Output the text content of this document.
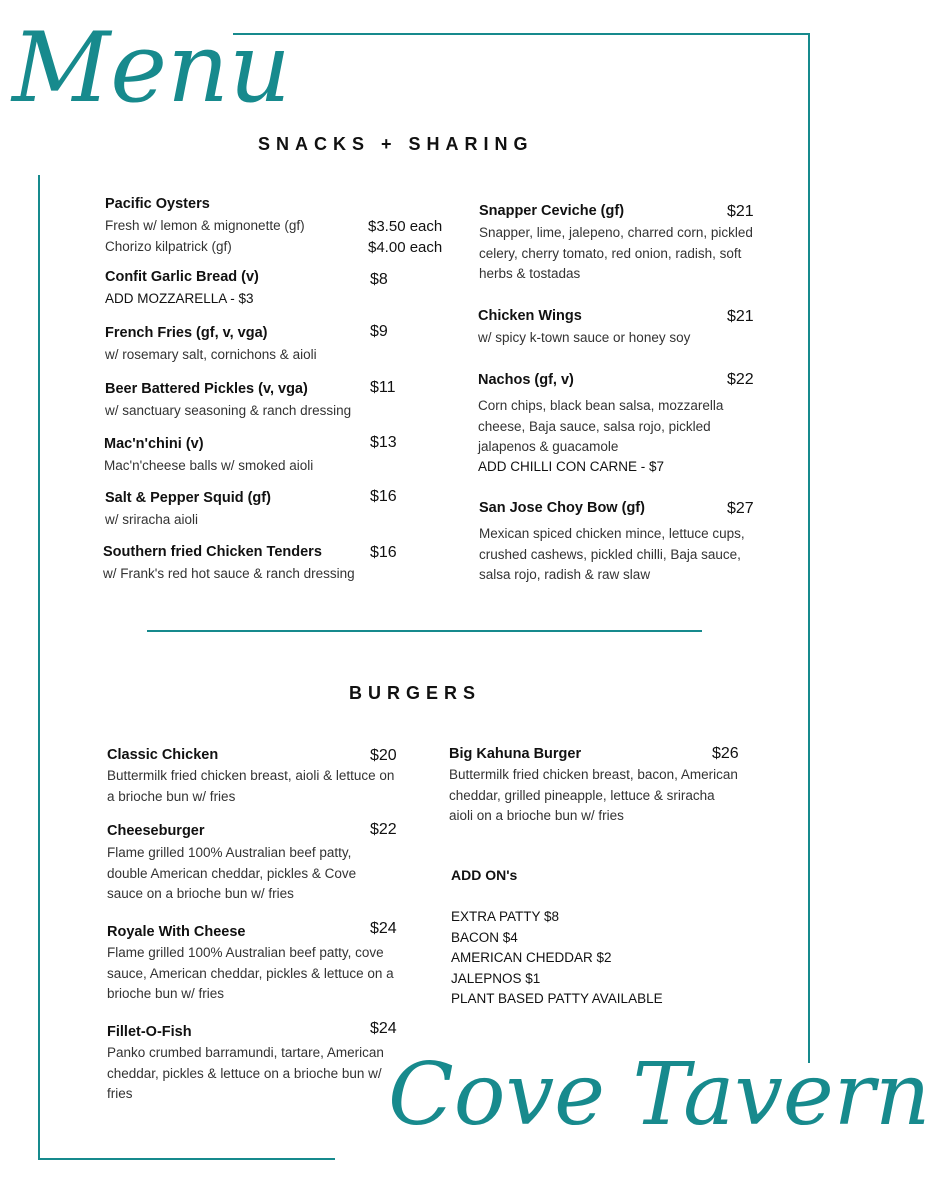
Menu
Cove Tavern
SNACKS + SHARING
Pacific Oysters
Fresh w/ lemon & mignonette (gf)	$3.50 each
Chorizo kilpatrick (gf)	$4.00 each
Confit Garlic Bread (v)	$8
ADD MOZZARELLA - $3
French Fries (gf, v, vga)	$9
w/ rosemary salt, cornichons & aioli
Beer Battered Pickles (v, vga)	$11
w/ sanctuary seasoning & ranch dressing
Mac'n'chini (v)	$13
Mac'n'cheese balls w/ smoked aioli
Salt & Pepper Squid (gf)	$16
w/ sriracha aioli
Southern fried Chicken Tenders	$16
w/ Frank's red hot sauce & ranch dressing
Snapper Ceviche (gf)	$21
Snapper, lime, jalepeno, charred corn, pickled celery, cherry tomato, red onion, radish, soft herbs & tostadas
Chicken Wings	$21
w/ spicy k-town sauce or honey soy
Nachos (gf, v)	$22
Corn chips, black bean salsa, mozzarella cheese, Baja sauce, salsa rojo, pickled jalapenos & guacamole
ADD CHILLI CON CARNE - $7
San Jose Choy Bow (gf)	$27
Mexican spiced chicken mince, lettuce cups, crushed cashews, pickled chilli, Baja sauce, salsa rojo, radish & raw slaw
BURGERS
Classic Chicken	$20
Buttermilk fried chicken breast, aioli & lettuce on a brioche bun w/ fries
Cheeseburger	$22
Flame grilled 100% Australian beef patty, double American cheddar, pickles & Cove sauce on a brioche bun w/ fries
Royale With Cheese	$24
Flame grilled 100% Australian beef patty, cove sauce, American cheddar, pickles & lettuce on a brioche bun w/ fries
Fillet-O-Fish	$24
Panko crumbed barramundi, tartare, American cheddar, pickles & lettuce on a brioche bun w/ fries
Big Kahuna Burger	$26
Buttermilk fried chicken breast, bacon, American cheddar, grilled pineapple, lettuce & sriracha aioli on a brioche bun w/ fries
ADD ON's
EXTRA PATTY $8
BACON $4
AMERICAN CHEDDAR $2
JALEPNOS $1
PLANT BASED PATTY AVAILABLE
